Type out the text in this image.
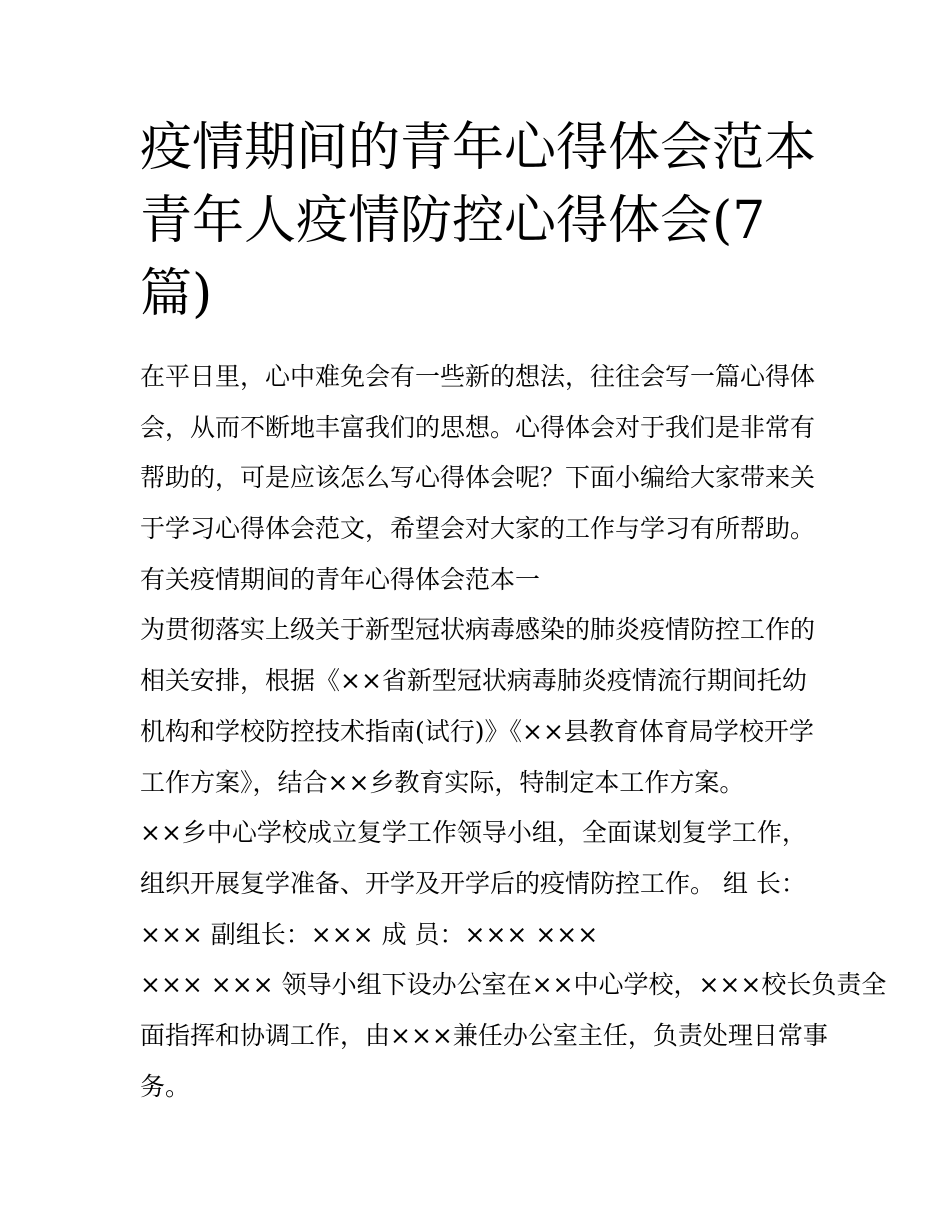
疫情期间的青年心得体会范本
青年人疫情防控心得体会(7
篇)
在平日里，心中难免会有一些新的想法，往往会写一篇心得体
会，从而不断地丰富我们的思想。心得体会对于我们是非常有
帮助的，可是应该怎么写心得体会呢？下面小编给大家带来关
于学习心得体会范文，希望会对大家的工作与学习有所帮助。
有关疫情期间的青年心得体会范本一
为贯彻落实上级关于新型冠状病毒感染的肺炎疫情防控工作的
相关安排，根据《××省新型冠状病毒肺炎疫情流行期间托幼
机构和学校防控技术指南(试行)》《××县教育体育局学校开学
工作方案》，结合××乡教育实际，特制定本工作方案。
××乡中心学校成立复学工作领导小组，全面谋划复学工作，
组织开展复学准备、开学及开学后的疫情防控工作。 组 长：
××× 副组长：××× 成 员：××× ×××
××× ××× 领导小组下设办公室在××中心学校，×××校长负责全
面指挥和协调工作，由×××兼任办公室主任，负责处理日常事
务。
